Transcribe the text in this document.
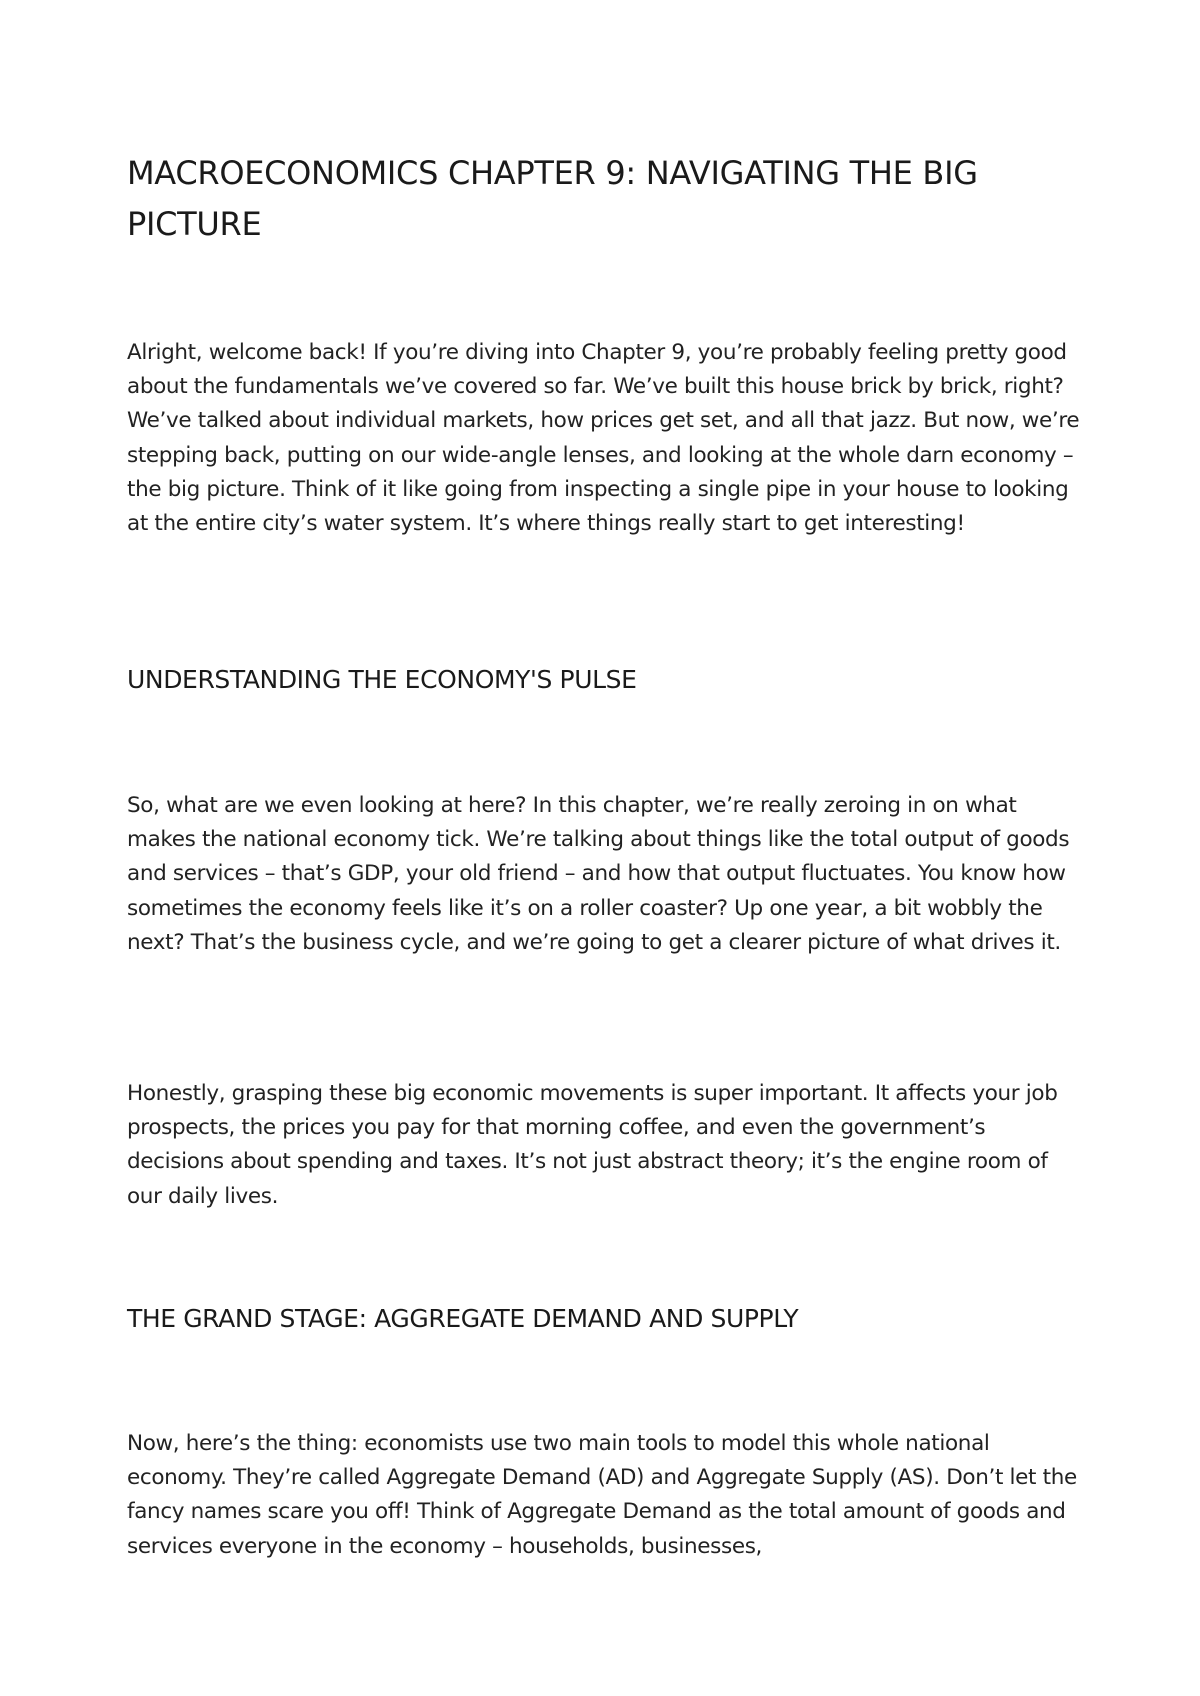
MACROECONOMICS CHAPTER 9: NAVIGATING THE BIG PICTURE

Alright, welcome back! If you’re diving into Chapter 9, you’re probably feeling pretty good about the fundamentals we’ve covered so far. We’ve built this house brick by brick, right? We’ve talked about individual markets, how prices get set, and all that jazz. But now, we’re stepping back, putting on our wide-angle lenses, and looking at the whole darn economy – the big picture. Think of it like going from inspecting a single pipe in your house to looking at the entire city’s water system. It’s where things really start to get interesting!

UNDERSTANDING THE ECONOMY'S PULSE

So, what are we even looking at here? In this chapter, we’re really zeroing in on what makes the national economy tick. We’re talking about things like the total output of goods and services – that’s GDP, your old friend – and how that output fluctuates. You know how sometimes the economy feels like it’s on a roller coaster? Up one year, a bit wobbly the next? That’s the business cycle, and we’re going to get a clearer picture of what drives it.

Honestly, grasping these big economic movements is super important. It affects your job prospects, the prices you pay for that morning coffee, and even the government’s decisions about spending and taxes. It’s not just abstract theory; it’s the engine room of our daily lives.

THE GRAND STAGE: AGGREGATE DEMAND AND SUPPLY

Now, here’s the thing: economists use two main tools to model this whole national economy. They’re called Aggregate Demand (AD) and Aggregate Supply (AS). Don’t let the fancy names scare you off! Think of Aggregate Demand as the total amount of goods and services everyone in the economy – households, businesses,
